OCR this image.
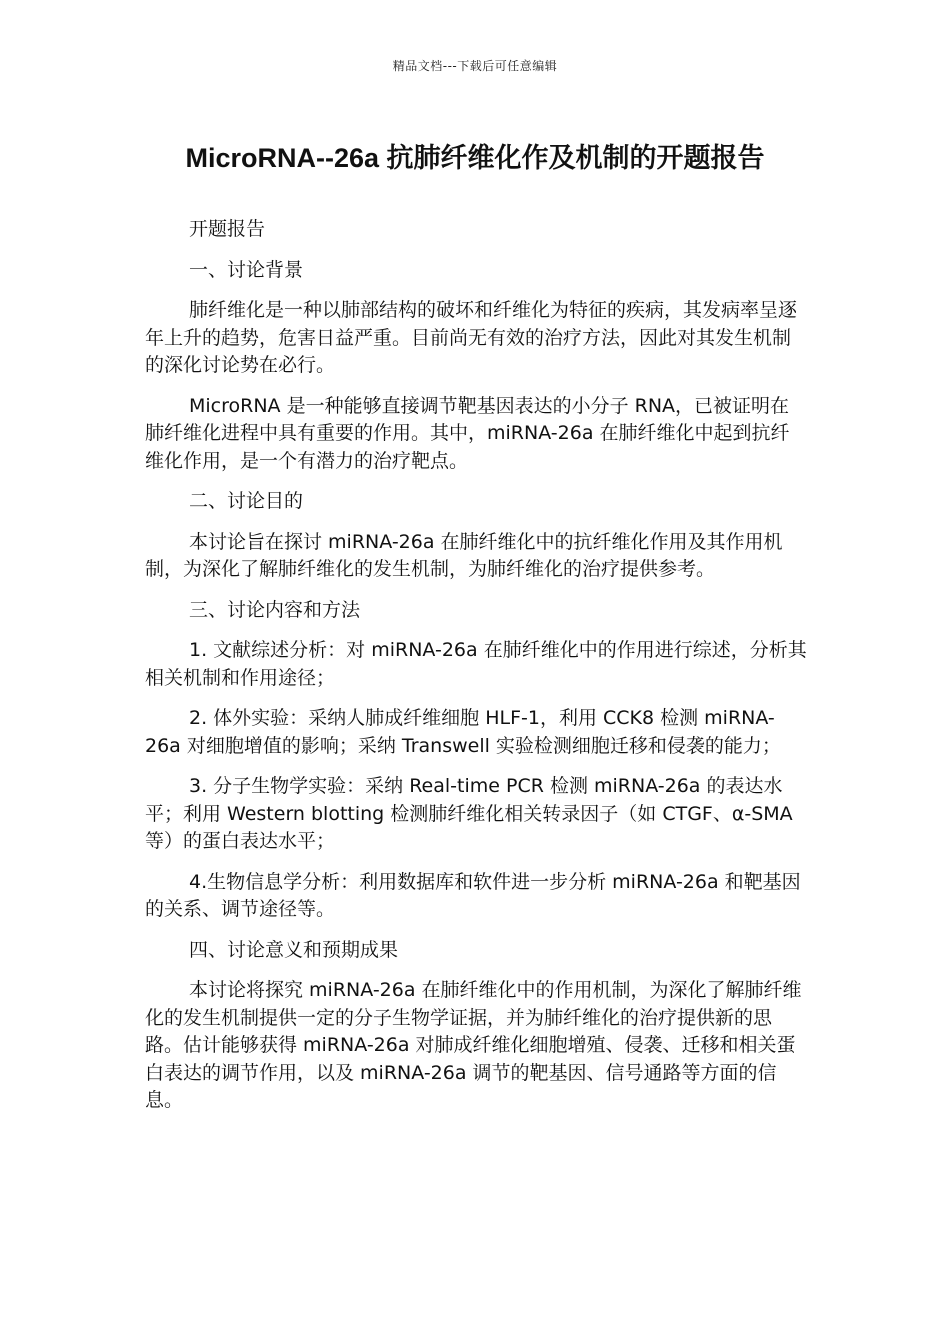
精品文档---下载后可任意编辑
MicroRNA--26a 抗肺纤维化作及机制的开题报告

开题报告

一、讨论背景

肺纤维化是一种以肺部结构的破坏和纤维化为特征的疾病，其发病率呈逐年上升的趋势，危害日益严重。目前尚无有效的治疗方法，因此对其发生机制的深化讨论势在必行。

MicroRNA 是一种能够直接调节靶基因表达的小分子 RNA，已被证明在肺纤维化进程中具有重要的作用。其中，miRNA-26a 在肺纤维化中起到抗纤维化作用，是一个有潜力的治疗靶点。

二、讨论目的

本讨论旨在探讨 miRNA-26a 在肺纤维化中的抗纤维化作用及其作用机制，为深化了解肺纤维化的发生机制，为肺纤维化的治疗提供参考。

三、讨论内容和方法

1. 文献综述分析：对 miRNA-26a 在肺纤维化中的作用进行综述，分析其相关机制和作用途径；

2. 体外实验：采纳人肺成纤维细胞 HLF-1，利用 CCK8 检测 miRNA-26a 对细胞增值的影响；采纳 Transwell 实验检测细胞迁移和侵袭的能力；

3. 分子生物学实验：采纳 Real-time PCR 检测 miRNA-26a 的表达水平；利用 Western blotting 检测肺纤维化相关转录因子（如 CTGF、α-SMA 等）的蛋白表达水平；

4.生物信息学分析：利用数据库和软件进一步分析 miRNA-26a 和靶基因的关系、调节途径等。

四、讨论意义和预期成果

本讨论将探究 miRNA-26a 在肺纤维化中的作用机制，为深化了解肺纤维化的发生机制提供一定的分子生物学证据，并为肺纤维化的治疗提供新的思路。估计能够获得 miRNA-26a 对肺成纤维化细胞增殖、侵袭、迁移和相关蛋白表达的调节作用，以及 miRNA-26a 调节的靶基因、信号通路等方面的信息。
